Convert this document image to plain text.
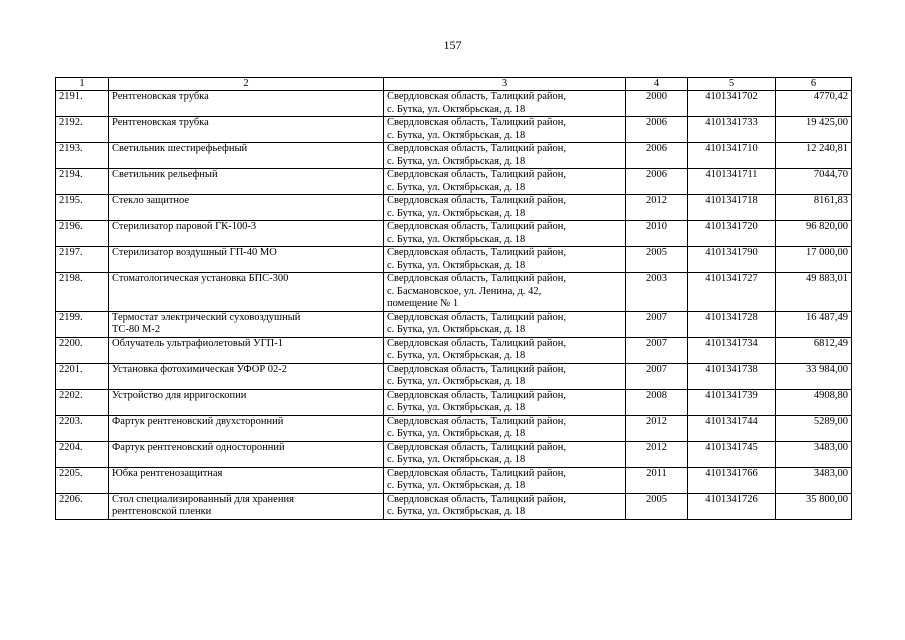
157
1	2	3	4	5	6
2191.	Рентгеновская трубка	Свердловская область, Талицкий район,
с. Бутка, ул. Октябрьская, д. 18	2000	4101341702	4770,42
2192.	Рентгеновская трубка	Свердловская область, Талицкий район,
с. Бутка, ул. Октябрьская, д. 18	2006	4101341733	19 425,00
2193.	Светильник шестирефьефный	Свердловская область, Талицкий район,
с. Бутка, ул. Октябрьская, д. 18	2006	4101341710	12 240,81
2194.	Светильник рельефный	Свердловская область, Талицкий район,
с. Бутка, ул. Октябрьская, д. 18	2006	4101341711	7044,70
2195.	Стекло защитное	Свердловская область, Талицкий район,
с. Бутка, ул. Октябрьская, д. 18	2012	4101341718	8161,83
2196.	Стерилизатор паровой ГК-100-3	Свердловская область, Талицкий район,
с. Бутка, ул. Октябрьская, д. 18	2010	4101341720	96 820,00
2197.	Стерилизатор воздушный ГП-40 МО	Свердловская область, Талицкий район,
с. Бутка, ул. Октябрьская, д. 18	2005	4101341790	17 000,00
2198.	Стоматологическая установка БПС-300	Свердловская область, Талицкий район,
с. Басмановское, ул. Ленина, д. 42,
помещение № 1	2003	4101341727	49 883,01
2199.	Термостат электрический суховоздушный
ТС-80 М-2	Свердловская область, Талицкий район,
с. Бутка, ул. Октябрьская, д. 18	2007	4101341728	16 487,49
2200.	Облучатель ультрафиолетовый УГП-1	Свердловская область, Талицкий район,
с. Бутка, ул. Октябрьская, д. 18	2007	4101341734	6812,49
2201.	Установка фотохимическая УФОР 02-2	Свердловская область, Талицкий район,
с. Бутка, ул. Октябрьская, д. 18	2007	4101341738	33 984,00
2202.	Устройство для ирригоскопии	Свердловская область, Талицкий район,
с. Бутка, ул. Октябрьская, д. 18	2008	4101341739	4908,80
2203.	Фартук рентгеновский двухсторонний	Свердловская область, Талицкий район,
с. Бутка, ул. Октябрьская, д. 18	2012	4101341744	5289,00
2204.	Фартук рентгеновский односторонний	Свердловская область, Талицкий район,
с. Бутка, ул. Октябрьская, д. 18	2012	4101341745	3483,00
2205.	Юбка рентгенозащитная	Свердловская область, Талицкий район,
с. Бутка, ул. Октябрьская, д. 18	2011	4101341766	3483,00
2206.	Стол специализированный для хранения
рентгеновской пленки	Свердловская область, Талицкий район,
с. Бутка, ул. Октябрьская, д. 18	2005	4101341726	35 800,00
